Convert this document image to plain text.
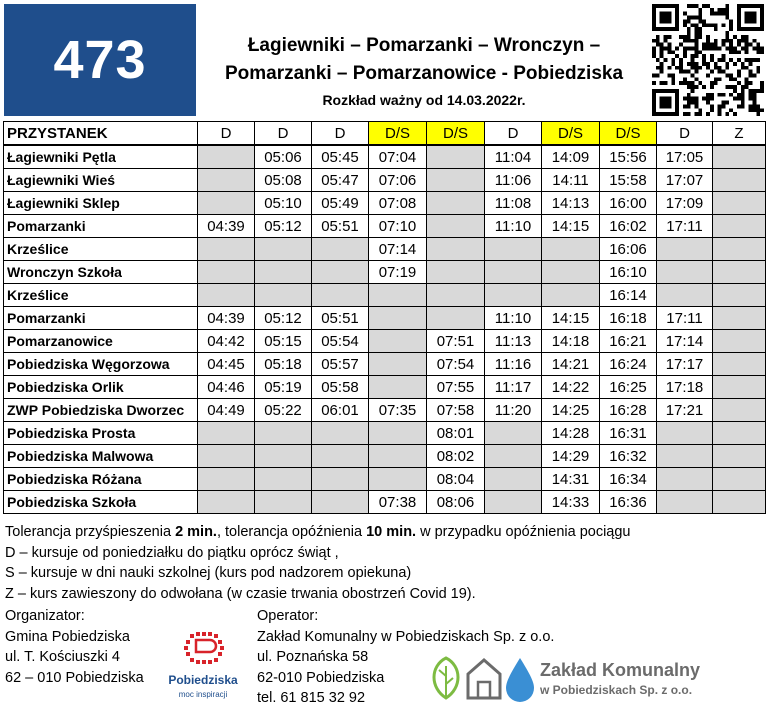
473	Łagiewniki – Pomarzanki – Wronczyn –
Pomarzanki – Pomarzanowice - Pobiedziska
Rozkład ważny od 14.03.2022r.
PRZYSTANEK	D	D	D	D/S	D/S	D	D/S	D/S	D	Z
Łagiewniki Pętla		05:06	05:45	07:04		11:04	14:09	15:56	17:05	
Łagiewniki Wieś		05:08	05:47	07:06		11:06	14:11	15:58	17:07	
Łagiewniki Sklep		05:10	05:49	07:08		11:08	14:13	16:00	17:09	
Pomarzanki	04:39	05:12	05:51	07:10		11:10	14:15	16:02	17:11	
Krześlice				07:14				16:06		
Wronczyn Szkoła				07:19				16:10		
Krześlice								16:14		
Pomarzanki	04:39	05:12	05:51			11:10	14:15	16:18	17:11	
Pomarzanowice	04:42	05:15	05:54		07:51	11:13	14:18	16:21	17:14	
Pobiedziska Węgorzowa	04:45	05:18	05:57		07:54	11:16	14:21	16:24	17:17	
Pobiedziska Orlik	04:46	05:19	05:58		07:55	11:17	14:22	16:25	17:18	
ZWP Pobiedziska Dworzec	04:49	05:22	06:01	07:35	07:58	11:20	14:25	16:28	17:21	
Pobiedziska Prosta					08:01		14:28	16:31		
Pobiedziska Malwowa					08:02		14:29	16:32		
Pobiedziska Różana					08:04		14:31	16:34		
Pobiedziska Szkoła				07:38	08:06		14:33	16:36		

Tolerancja przyśpieszenia 2 min., tolerancja opóźnienia 10 min. w przypadku opóźnienia pociągu

D – kursuje od poniedziałku do piątku oprócz świąt ,

S – kursuje w dni nauki szkolnej (kurs pod nadzorem opiekuna)

Z – kurs zawieszony do odwołana (w czasie trwania obostrzeń Covid 19).

Organizator:

Gmina Pobiedziska

ul. T. Kościuszki 4

62 – 010 Pobiedziska

Operator:

Zakład Komunalny w Pobiedziskach Sp. z o.o.

ul. Poznańska 58

62-010 Pobiedziska

tel. 61 815 32 92

Pobiedziska
moc inspiracji
Zakład Komunalny
w Pobiedziskach Sp. z o.o.
